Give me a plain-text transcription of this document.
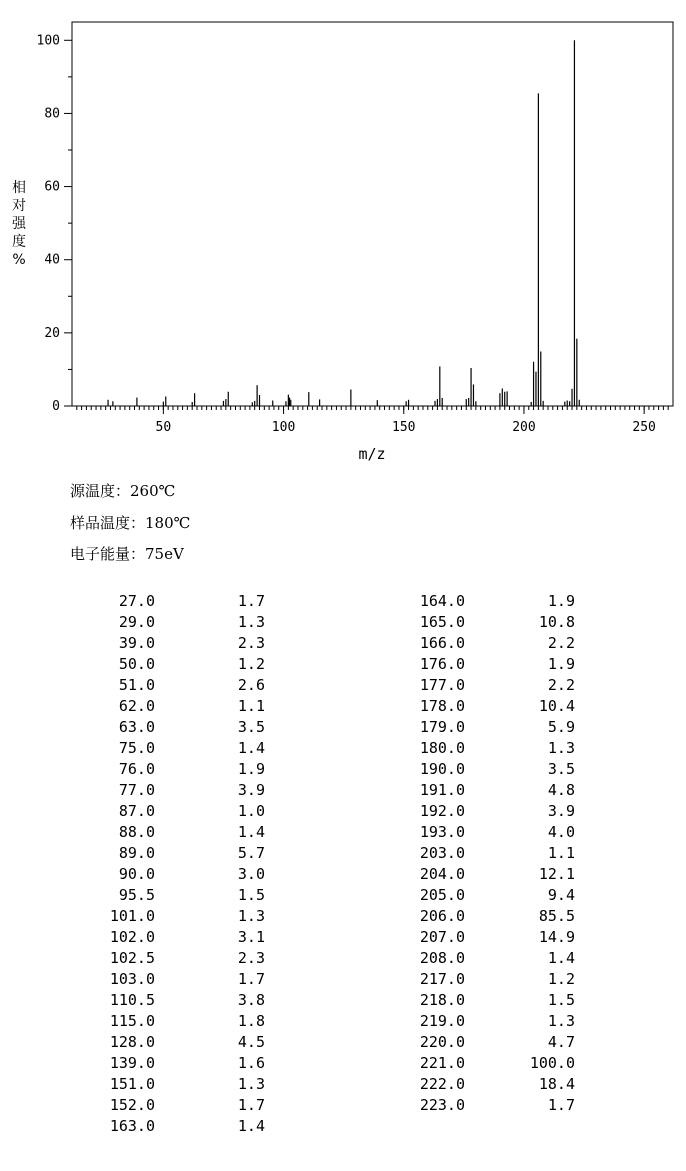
50	100	150	200	250
0
20
40
60
80
100
m/z
相
对
强
度
%
源温度：260℃
样品温度：180℃
电子能量：75eV
27.0	1.7
29.0	1.3
39.0	2.3
50.0	1.2
51.0	2.6
62.0	1.1
63.0	3.5
75.0	1.4
76.0	1.9
77.0	3.9
87.0	1.0
88.0	1.4
89.0	5.7
90.0	3.0
95.5	1.5
101.0	1.3
102.0	3.1
102.5	2.3
103.0	1.7
110.5	3.8
115.0	1.8
128.0	4.5
139.0	1.6
151.0	1.3
152.0	1.7
163.0	1.4
164.0	1.9
165.0	10.8
166.0	2.2
176.0	1.9
177.0	2.2
178.0	10.4
179.0	5.9
180.0	1.3
190.0	3.5
191.0	4.8
192.0	3.9
193.0	4.0
203.0	1.1
204.0	12.1
205.0	9.4
206.0	85.5
207.0	14.9
208.0	1.4
217.0	1.2
218.0	1.5
219.0	1.3
220.0	4.7
221.0	100.0
222.0	18.4
223.0	1.7
